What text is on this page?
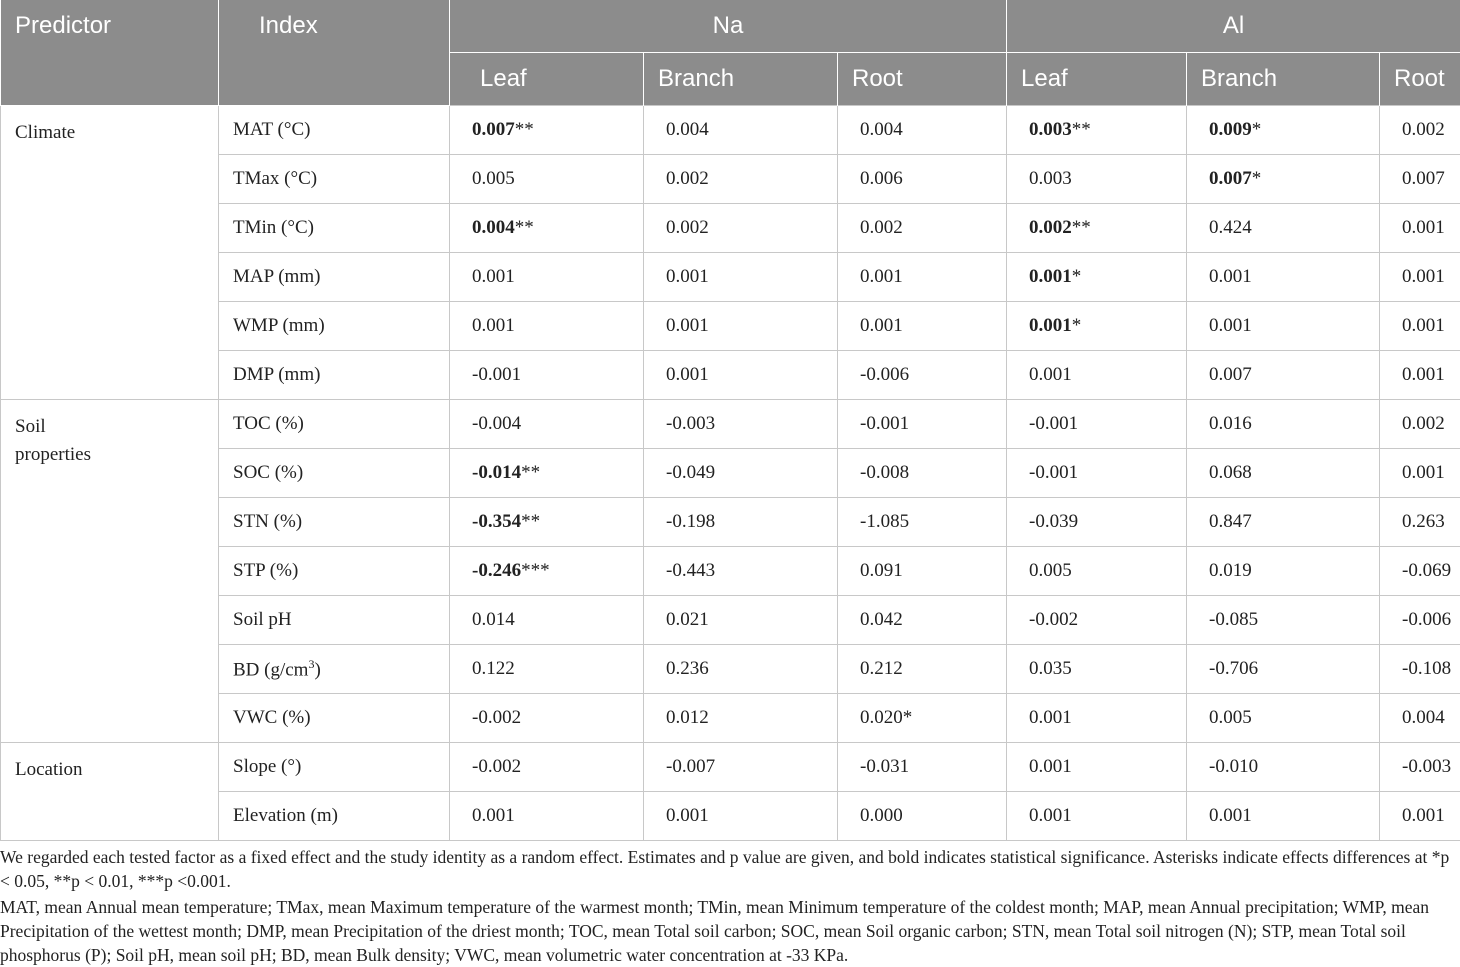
Predictor	Index	Na			Al		
		Leaf	Branch	Root	Leaf	Branch	Root
Climate	MAT (°C)	0.007**	0.004	0.004	0.003**	0.009*	0.002
	TMax (°C)	0.005	0.002	0.006	0.003	0.007*	0.007
	TMin (°C)	0.004**	0.002	0.002	0.002**	0.424	0.001
	MAP (mm)	0.001	0.001	0.001	0.001*	0.001	0.001
	WMP (mm)	0.001	0.001	0.001	0.001*	0.001	0.001
	DMP (mm)	-0.001	0.001	-0.006	0.001	0.007	0.001
Soil
properties	TOC (%)	-0.004	-0.003	-0.001	-0.001	0.016	0.002
	SOC (%)	-0.014**	-0.049	-0.008	-0.001	0.068	0.001
	STN (%)	-0.354**	-0.198	-1.085	-0.039	0.847	0.263
	STP (%)	-0.246***	-0.443	0.091	0.005	0.019	-0.069
	Soil pH	0.014	0.021	0.042	-0.002	-0.085	-0.006
	BD $(g/cm^3)$	0.122	0.236	0.212	0.035	-0.706	-0.108
	VWC (%)	-0.002	0.012	0.020*	0.001	0.005	0.004
Location	Slope (°)	-0.002	-0.007	-0.031	0.001	-0.010	-0.003
	Elevation (m)	0.001	0.001	0.000	0.001	0.001	0.001
We regarded each tested factor as a fixed effect and the study identity as a random effect. Estimates and p value are given, and bold indicates statistical significance. Asterisks indicate effects differences at *p < 0.05, **p < 0.01, ***p <0.001.
MAT, mean Annual mean temperature; TMax, mean Maximum temperature of the warmest month; TMin, mean Minimum temperature of the coldest month; MAP, mean Annual precipitation; WMP, mean Precipitation of the wettest month; DMP, mean Precipitation of the driest month; TOC, mean Total soil carbon; SOC, mean Soil organic carbon; STN, mean Total soil nitrogen (N); STP, mean Total soil phosphorus (P); Soil pH, mean soil pH; BD, mean Bulk density; VWC, mean volumetric water concentration at -33 KPa.
